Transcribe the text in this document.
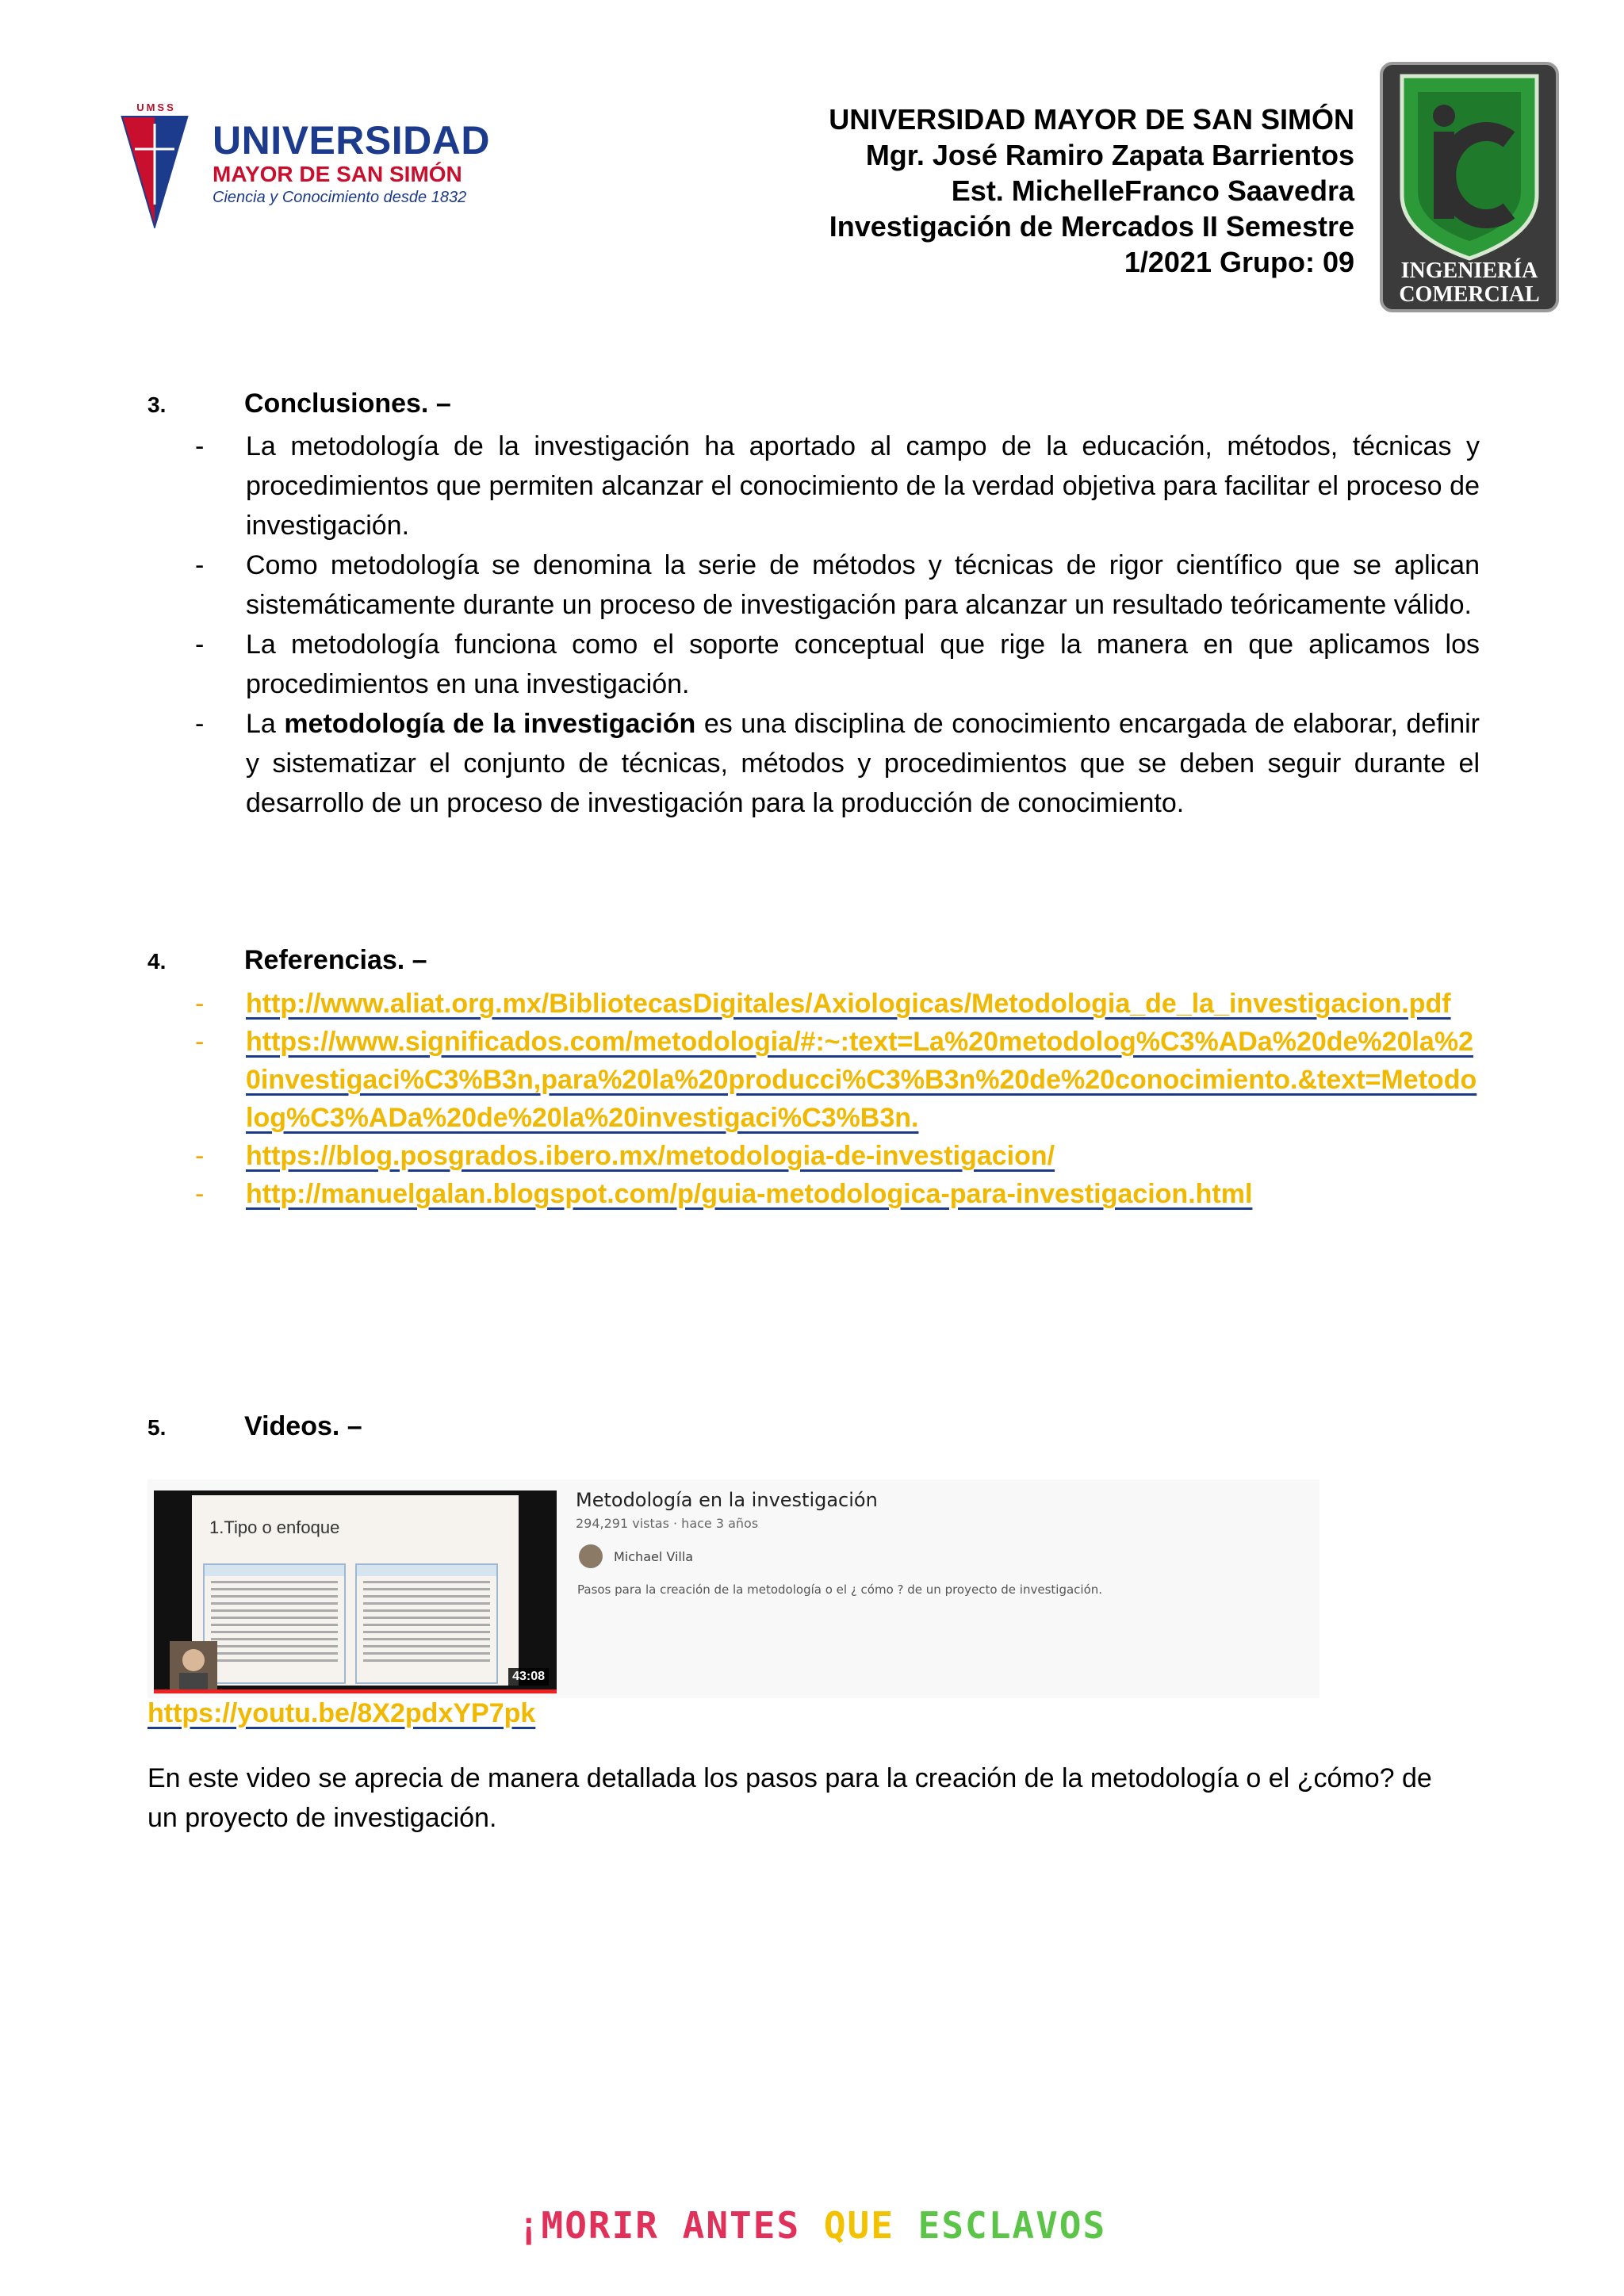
UMSS
UNIVERSIDAD
MAYOR DE SAN SIMÓN
Ciencia y Conocimiento desde 1832
UNIVERSIDAD MAYOR DE SAN SIMÓN
Mgr. José Ramiro Zapata Barrientos
Est. MichelleFranco Saavedra
Investigación de Mercados II Semestre
1/2021 Grupo: 09 INGENIERÍA
COMERCIAL
3.	Conclusiones. –
- La metodología de la investigación ha aportado al campo de la educación, métodos, técnicas y procedimientos que permiten alcanzar el conocimiento de la verdad objetiva para facilitar el proceso de investigación.
- Como metodología se denomina la serie de métodos y técnicas de rigor científico que se aplican sistemáticamente durante un proceso de investigación para alcanzar un resultado teóricamente válido.
- La metodología funciona como el soporte conceptual que rige la manera en que aplicamos los procedimientos en una investigación.
- La metodología de la investigación es una disciplina de conocimiento encargada de elaborar, definir y sistematizar el conjunto de técnicas, métodos y procedimientos que se deben seguir durante el desarrollo de un proceso de investigación para la producción de conocimiento.
4.	Referencias. –
- http://www.aliat.org.mx/BibliotecasDigitales/Axiologicas/Metodologia_de_la_investigacion.pdf
- https://www.significados.com/metodologia/#:~:text=La%20metodolog%C3%ADa%20de%20la%20investigaci%C3%B3n,para%20la%20producci%C3%B3n%20de%20conocimiento.&text=Metodolog%C3%ADa%20de%20la%20investigaci%C3%B3n.
- https://blog.posgrados.ibero.mx/metodologia-de-investigacion/
- http://manuelgalan.blogspot.com/p/guia-metodologica-para-investigacion.html
5.	Videos. –
1.Tipo o enfoque
43:08
Metodología en la investigación
294,291 vistas · hace 3 años
Michael Villa
Pasos para la creación de la metodología o el ¿ cómo ? de un proyecto de investigación.
https://youtu.be/8X2pdxYP7pk
En este video se aprecia de manera detallada los pasos para la creación de la metodología o el ¿cómo? de un proyecto de investigación.
¡MORIR ANTES QUE ESCLAVOS
